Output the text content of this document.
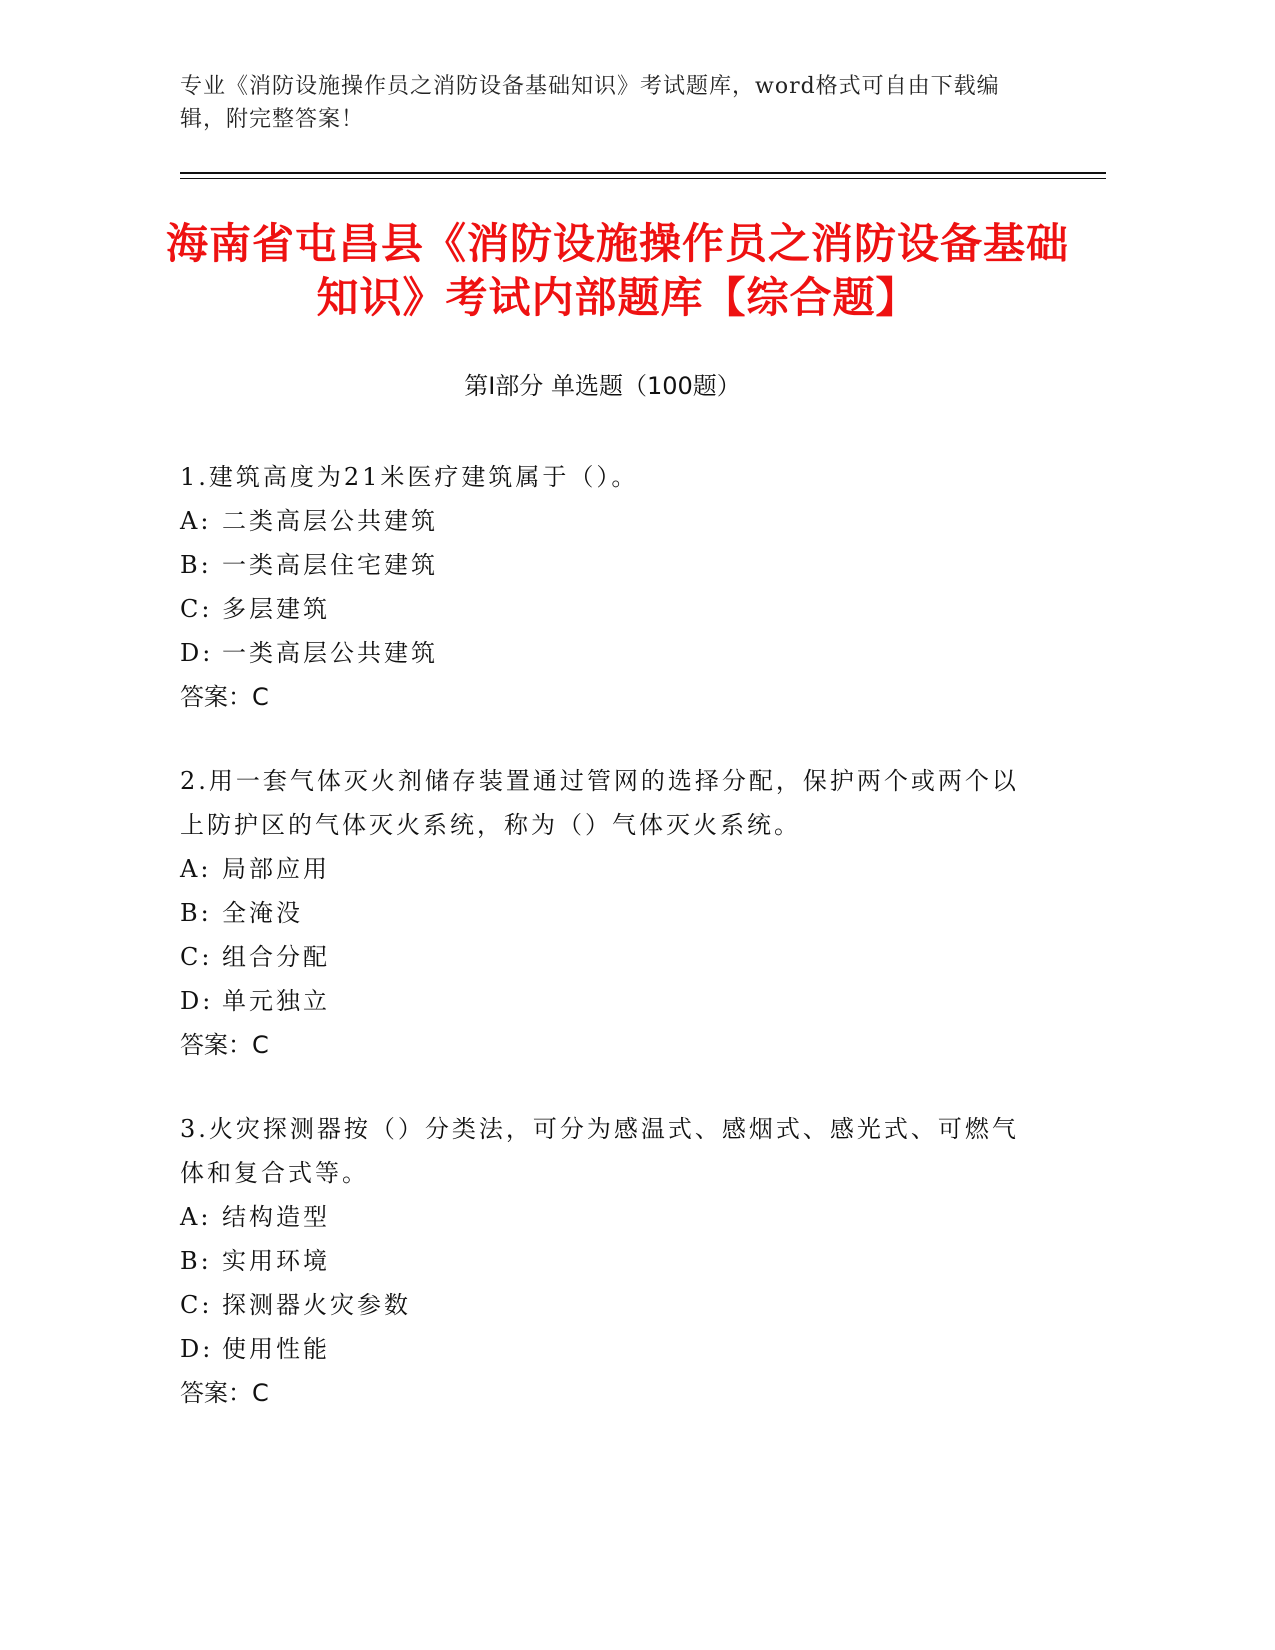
专业《消防设施操作员之消防设备基础知识》考试题库，word格式可自由下载编辑，附完整答案！
海南省屯昌县《消防设施操作员之消防设备基础知识》考试内部题库【综合题】
第Ⅰ部分 单选题（100题）

1.建筑高度为21米医疗建筑属于（）。

A: 二类高层公共建筑

B: 一类高层住宅建筑

C: 多层建筑

D: 一类高层公共建筑

答案：C

2.用一套气体灭火剂储存装置通过管网的选择分配，保护两个或两个以上防护区的气体灭火系统，称为（）气体灭火系统。

A: 局部应用

B: 全淹没

C: 组合分配

D: 单元独立

答案：C

3.火灾探测器按（）分类法，可分为感温式、感烟式、感光式、可燃气体和复合式等。

A: 结构造型

B: 实用环境

C: 探测器火灾参数

D: 使用性能

答案：C
